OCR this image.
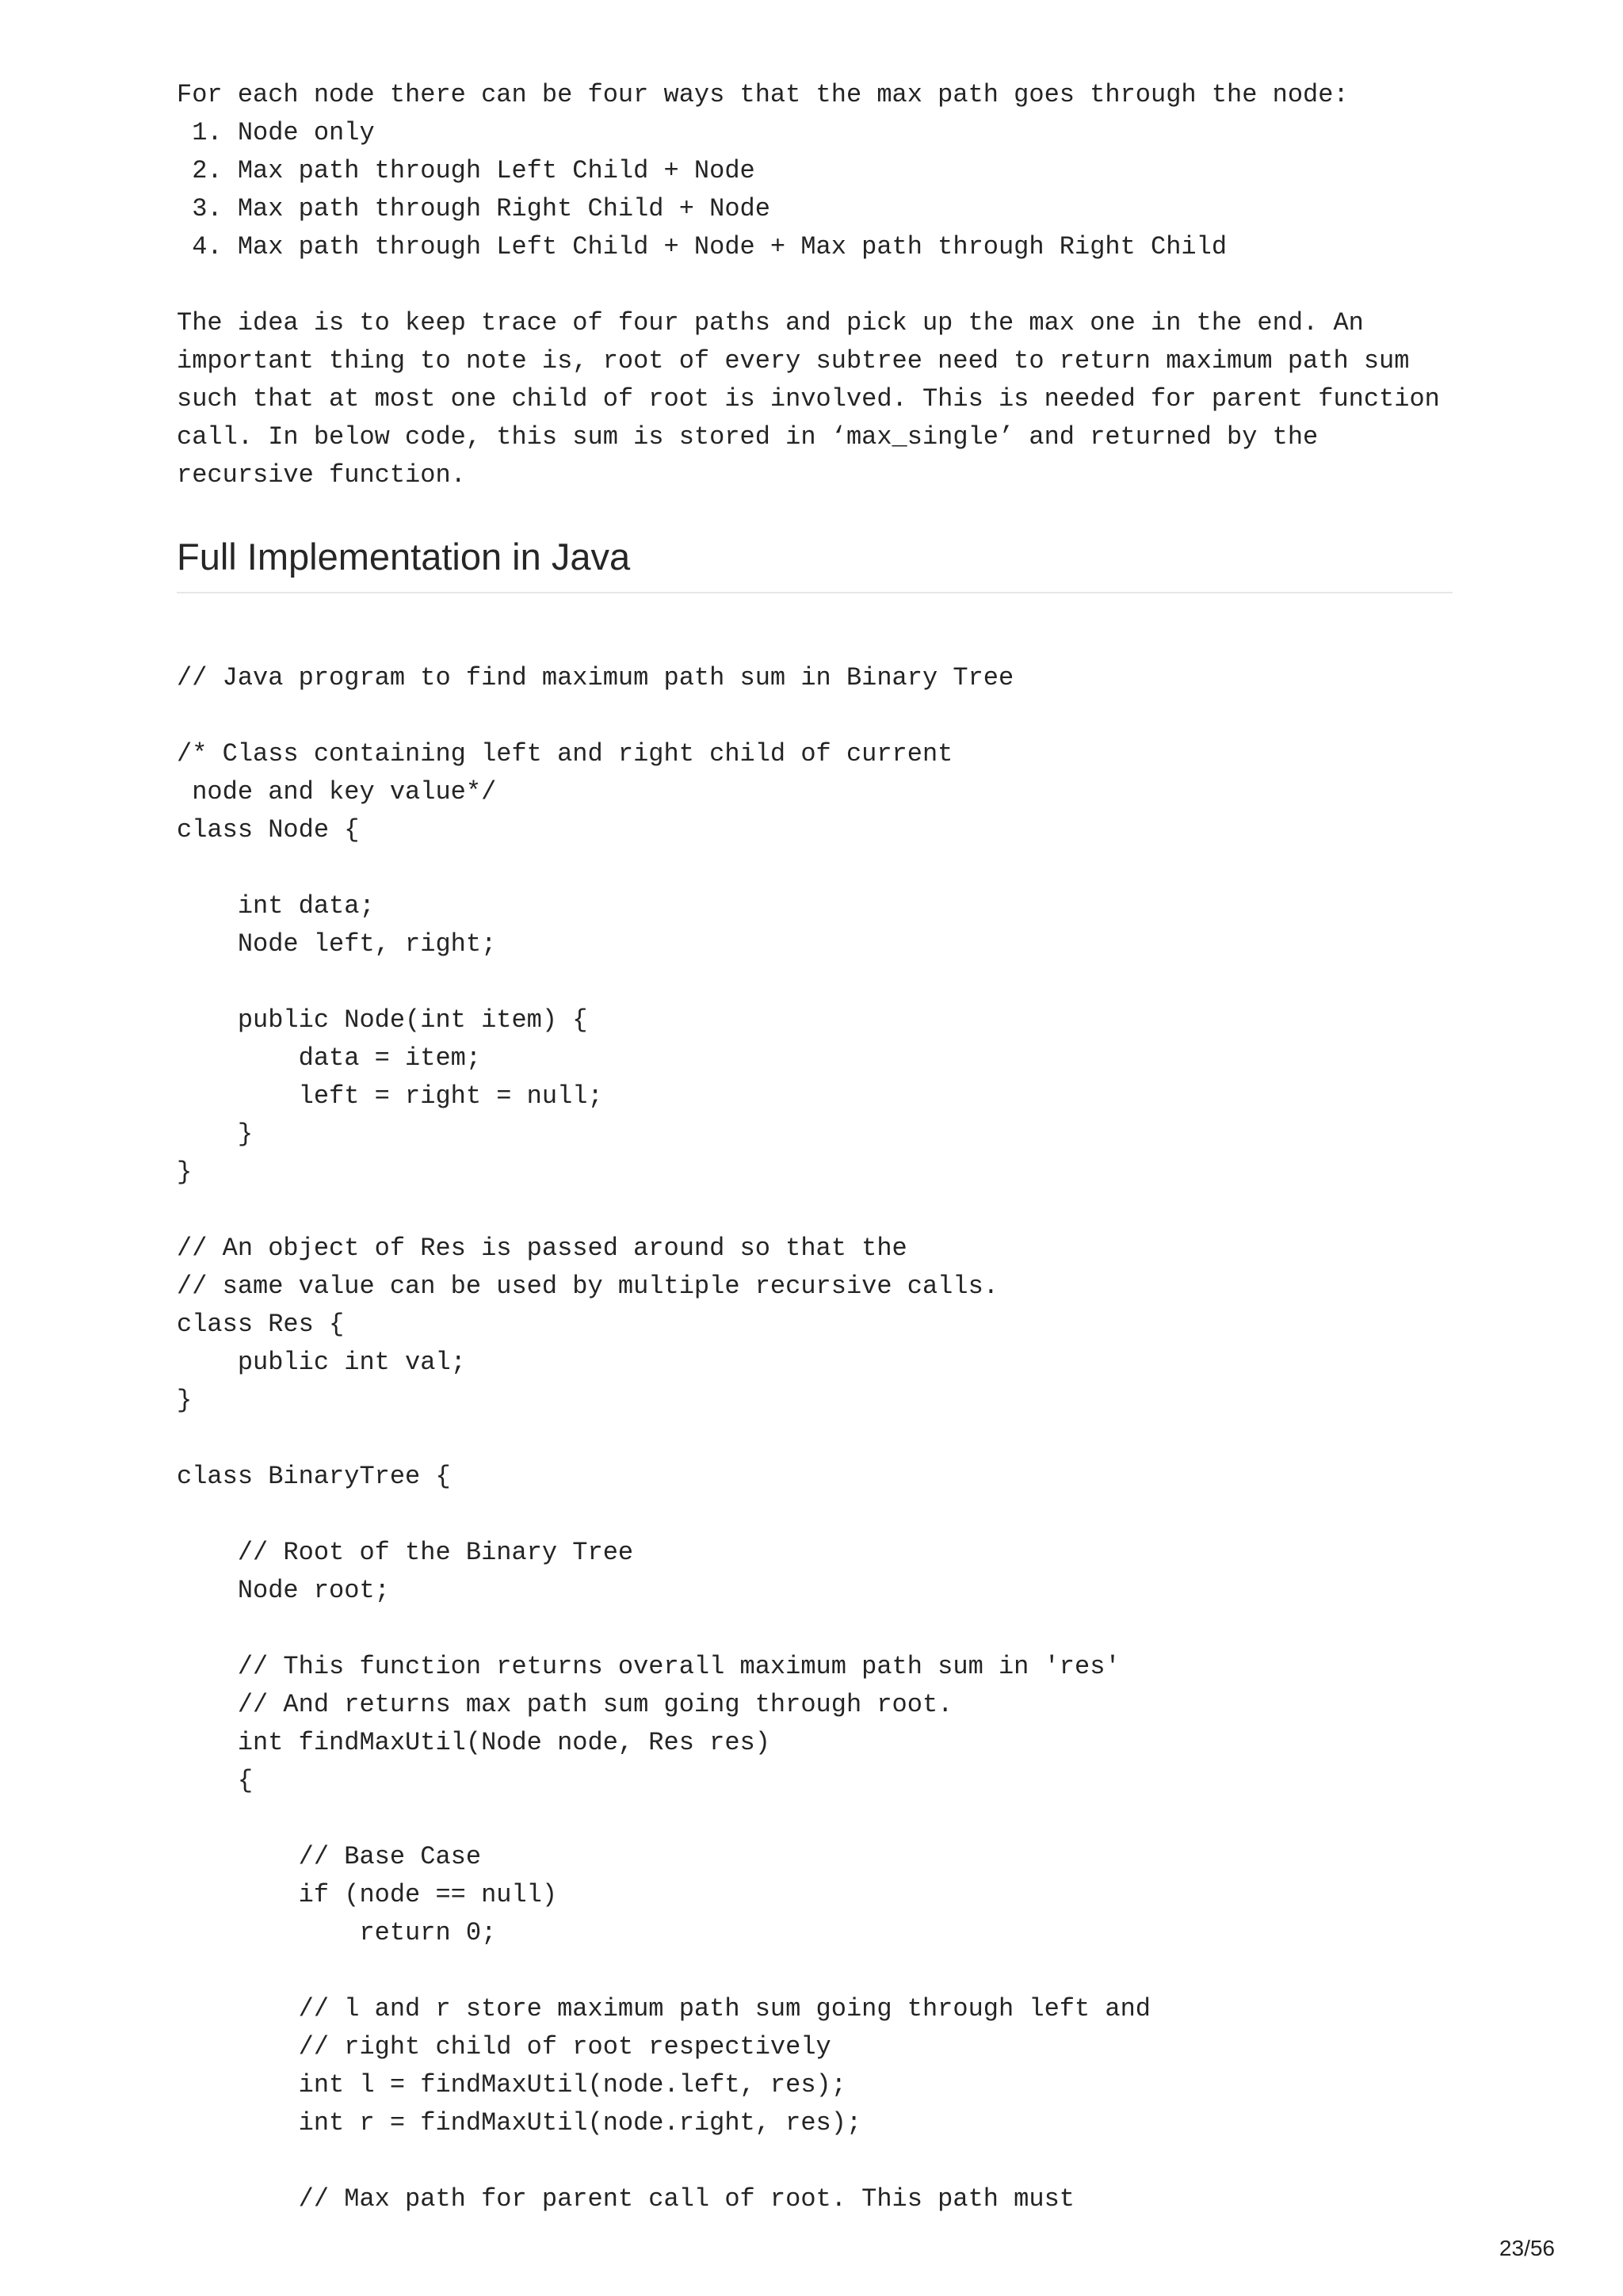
For each node there can be four ways that the max path goes through the node:
1. Node only
2. Max path through Left Child + Node
3. Max path through Right Child + Node
4. Max path through Left Child + Node + Max path through Right Child
The idea is to keep trace of four paths and pick up the max one in the end. An
important thing to note is, root of every subtree need to return maximum path sum
such that at most one child of root is involved. This is needed for parent function
call. In below code, this sum is stored in ‘max_single’ and returned by the
recursive function.
Full Implementation in Java
// Java program to find maximum path sum in Binary Tree

/* Class containing left and right child of current
node and key value*/
class Node {

int data;
Node left, right;

public Node(int item) {
data = item;
left = right = null;
}
}

// An object of Res is passed around so that the
// same value can be used by multiple recursive calls.
class Res {
public int val;
}

class BinaryTree {

// Root of the Binary Tree
Node root;

// This function returns overall maximum path sum in 'res'
// And returns max path sum going through root.
int findMaxUtil(Node node, Res res)
{

// Base Case
if (node == null)
return 0;

// l and r store maximum path sum going through left and
// right child of root respectively
int l = findMaxUtil(node.left, res);
int r = findMaxUtil(node.right, res);

// Max path for parent call of root. This path must
23/56
